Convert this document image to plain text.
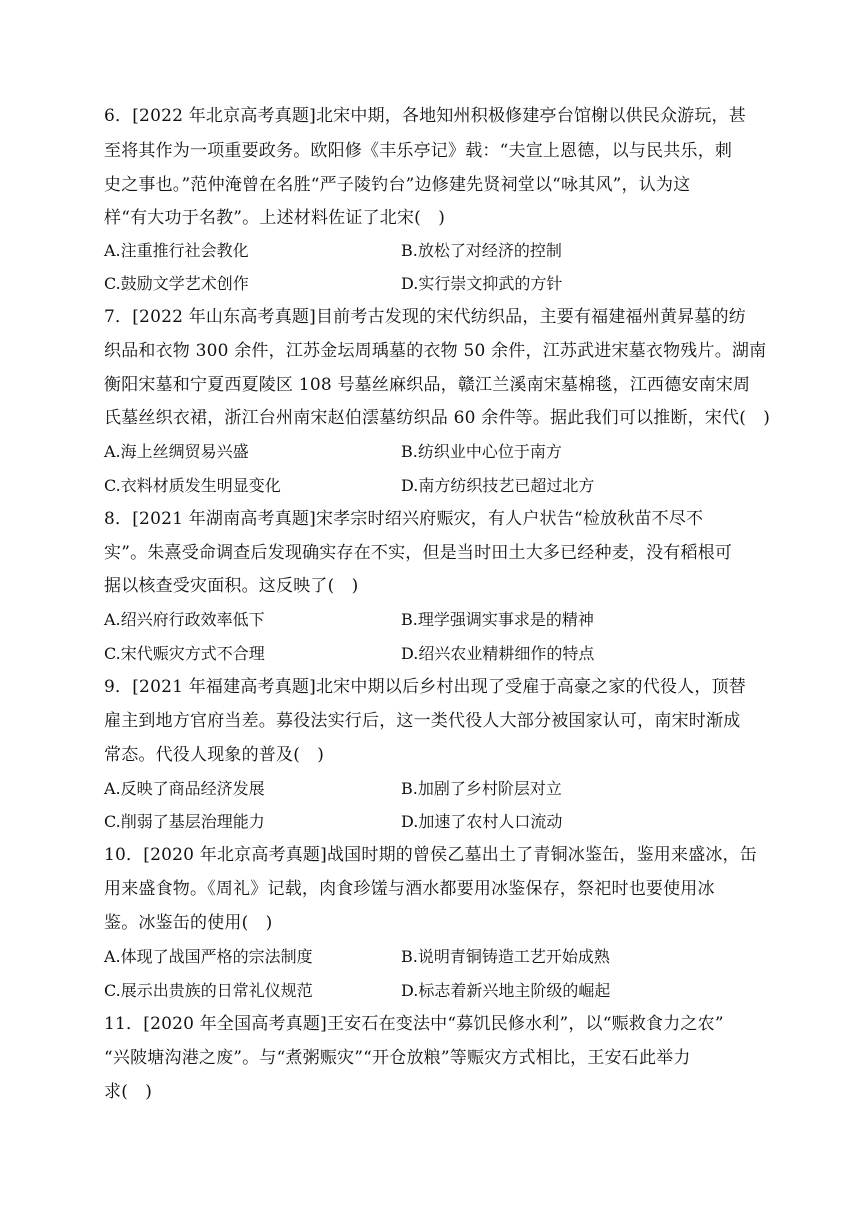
6．[2022 年北京高考真题]北宋中期，各地知州积极修建亭台馆榭以供民众游玩，甚
至将其作为一项重要政务。欧阳修《丰乐亭记》载：“夫宣上恩德，以与民共乐，刺
史之事也。”范仲淹曾在名胜“严子陵钓台”边修建先贤祠堂以“咏其风”，认为这
样“有大功于名教”。上述材料佐证了北宋(　)
A.注重推行社会教化	B.放松了对经济的控制
C.鼓励文学艺术创作	D.实行崇文抑武的方针
7．[2022 年山东高考真题]目前考古发现的宋代纺织品，主要有福建福州黄昇墓的纺
织品和衣物 300 余件，江苏金坛周瑀墓的衣物 50 余件，江苏武进宋墓衣物残片。湖南
衡阳宋墓和宁夏西夏陵区 108 号墓丝麻织品，赣江兰溪南宋墓棉毯，江西德安南宋周
氏墓丝织衣裙，浙江台州南宋赵伯澐墓纺织品 60 余件等。据此我们可以推断，宋代(　)
A.海上丝绸贸易兴盛	B.纺织业中心位于南方
C.衣料材质发生明显变化	D.南方纺织技艺已超过北方
8．[2021 年湖南高考真题]宋孝宗时绍兴府赈灾，有人户状告“检放秋苗不尽不
实”。朱熹受命调查后发现确实存在不实，但是当时田土大多已经种麦，没有稻根可
据以核查受灾面积。这反映了(　)
A.绍兴府行政效率低下	B.理学强调实事求是的精神
C.宋代赈灾方式不合理	D.绍兴农业精耕细作的特点
9．[2021 年福建高考真题]北宋中期以后乡村出现了受雇于高豪之家的代役人，顶替
雇主到地方官府当差。募役法实行后，这一类代役人大部分被国家认可，南宋时渐成
常态。代役人现象的普及(　)
A.反映了商品经济发展	B.加剧了乡村阶层对立
C.削弱了基层治理能力	D.加速了农村人口流动
10．[2020 年北京高考真题]战国时期的曾侯乙墓出土了青铜冰鉴缶，鉴用来盛冰，缶
用来盛食物。《周礼》记载，肉食珍馐与酒水都要用冰鉴保存，祭祀时也要使用冰
鉴。冰鉴缶的使用(　)
A.体现了战国严格的宗法制度	B.说明青铜铸造工艺开始成熟
C.展示出贵族的日常礼仪规范	D.标志着新兴地主阶级的崛起
11．[2020 年全国高考真题]王安石在变法中“募饥民修水利”，以“赈救食力之农”
“兴陂塘沟港之废”。与“煮粥赈灾”“开仓放粮”等赈灾方式相比，王安石此举力
求(　)
